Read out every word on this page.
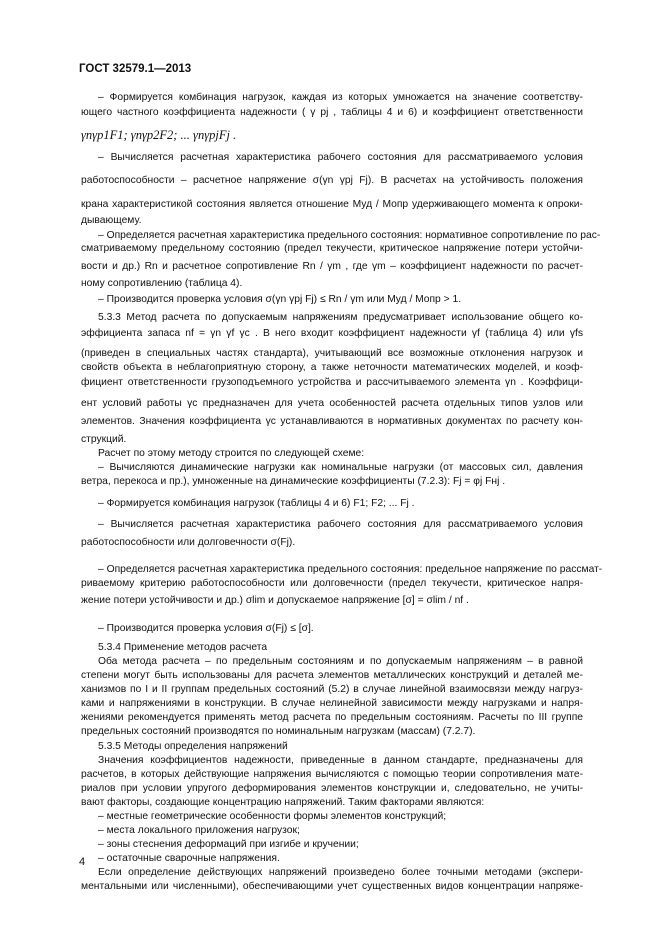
ГОСТ 32579.1—2013
– Формируется комбинация нагрузок, каждая из которых умножается на значение соответству-
ющего частного коэффициента надежности ( γ pj , таблицы 4 и 6) и коэффициент ответственности
γnγp1F1; γnγp2F2; ... γnγpjFj .
– Вычисляется расчетная характеристика рабочего состояния для рассматриваемого условия
работоспособности – расчетное напряжение σ(γn γpj Fj). В расчетах на устойчивость положения
крана характеристикой состояния является отношение Mуд / Mопр удерживающего момента к опроки-
дывающему.
– Определяется расчетная характеристика предельного состояния: нормативное сопротивление по рас-
сматриваемому предельному состоянию (предел текучести, критическое напряжение потери устойчи-
вости и др.) Rn и расчетное сопротивление Rn / γm , где γm – коэффициент надежности по расчет-
ному сопротивлению (таблица 4).
– Производится проверка условия σ(γn γpj Fj) ≤ Rn / γm или Mуд / Mопр > 1.
5.3.3 Метод расчета по допускаемым напряжениям предусматривает использование общего ко-
эффициента запаса nf = γn γf γc . В него входит коэффициент надежности γf (таблица 4) или γfs
(приведен в специальных частях стандарта), учитывающий все возможные отклонения нагрузок и
свойств объекта в неблагоприятную сторону, а также неточности математических моделей, и коэф-
фициент ответственности грузоподъемного устройства и рассчитываемого элемента γn . Коэффици-
ент условий работы γc предназначен для учета особенностей расчета отдельных типов узлов или
элементов. Значения коэффициента γc устанавливаются в нормативных документах по расчету кон-
струкций.
Расчет по этому методу строится по следующей схеме:
– Вычисляются динамические нагрузки как номинальные нагрузки (от массовых сил, давления
ветра, перекоса и пр.), умноженные на динамические коэффициенты (7.2.3): Fj = φj Fнj .
– Формируется комбинация нагрузок (таблицы 4 и 6) F1; F2; ... Fj .
– Вычисляется расчетная характеристика рабочего состояния для рассматриваемого условия
работоспособности или долговечности σ(Fj).
– Определяется расчетная характеристика предельного состояния: предельное напряжение по рассмат-
риваемому критерию работоспособности или долговечности (предел текучести, критическое напря-
жение потери устойчивости и др.) σlim и допускаемое напряжение [σ] = σlim / nf .
– Производится проверка условия σ(Fj) ≤ [σ].
5.3.4 Применение методов расчета
Оба метода расчета – по предельным состояниям и по допускаемым напряжениям – в равной
степени могут быть использованы для расчета элементов металлических конструкций и деталей ме-
ханизмов по I и II группам предельных состояний (5.2) в случае линейной взаимосвязи между нагруз-
ками и напряжениями в конструкции. В случае нелинейной зависимости между нагрузками и напря-
жениями рекомендуется применять метод расчета по предельным состояниям. Расчеты по III группе
предельных состояний производятся по номинальным нагрузкам (массам) (7.2.7).
5.3.5 Методы определения напряжений
Значения коэффициентов надежности, приведенные в данном стандарте, предназначены для
расчетов, в которых действующие напряжения вычисляются с помощью теории сопротивления мате-
риалов при условии упругого деформирования элементов конструкции и, следовательно, не учиты-
вают факторы, создающие концентрацию напряжений. Таким факторами являются:
– местные геометрические особенности формы элементов конструкций;
– места локального приложения нагрузок;
– зоны стеснения деформаций при изгибе и кручении;
– остаточные сварочные напряжения.
Если определение действующих напряжений произведено более точными методами (экспери-
ментальными или численными), обеспечивающими учет существенных видов концентрации напряже-
4
